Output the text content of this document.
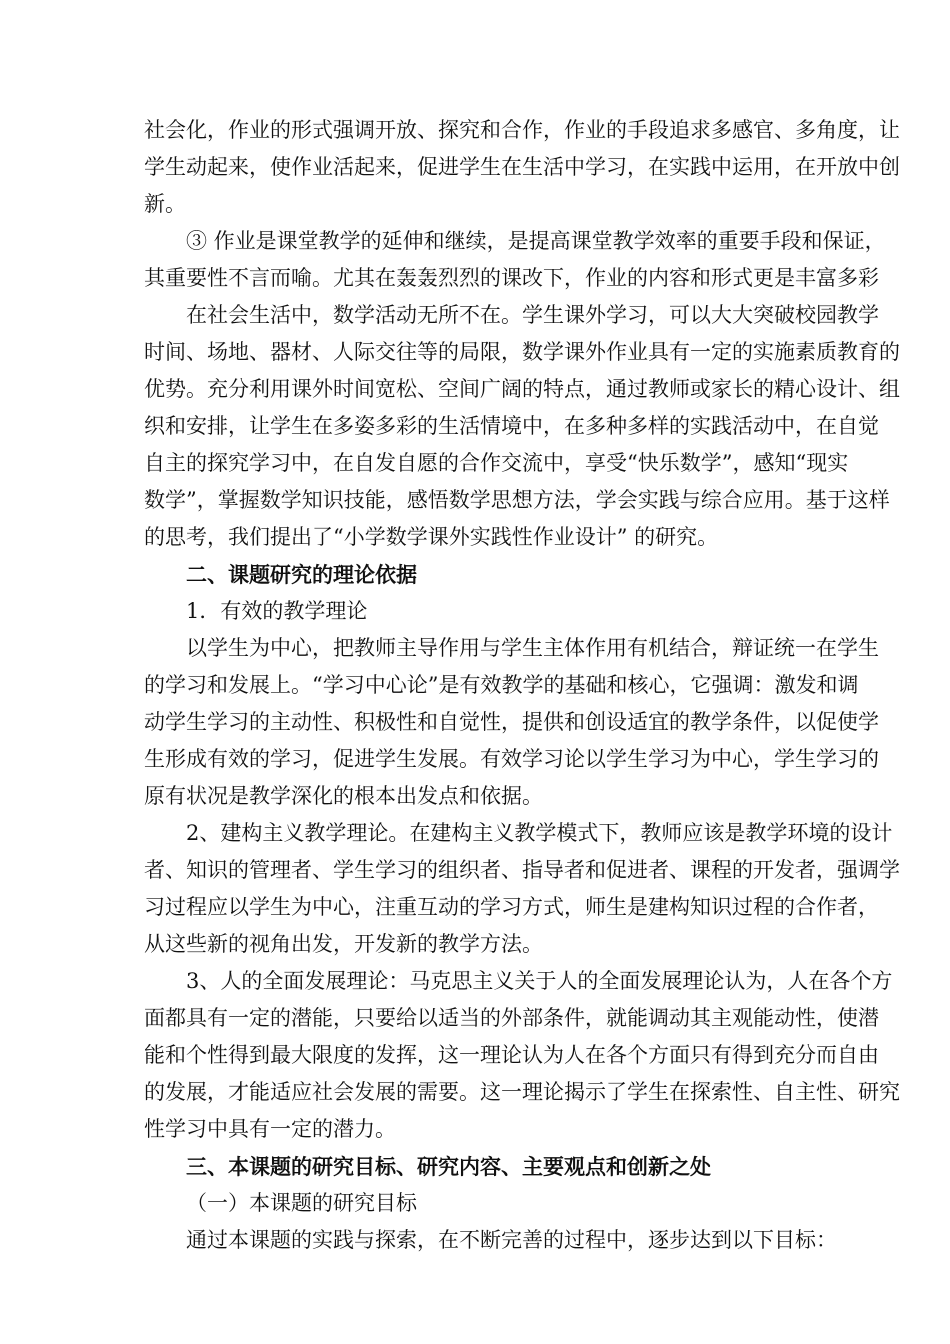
社会化，作业的形式强调开放、探究和合作，作业的手段追求多感官、多角度，让
学生动起来，使作业活起来，促进学生在生活中学习，在实践中运用，在开放中创
新。
③ 作业是课堂教学的延伸和继续，是提高课堂教学效率的重要手段和保证，
其重要性不言而喻。尤其在轰轰烈烈的课改下，作业的内容和形式更是丰富多彩
在社会生活中，数学活动无所不在。学生课外学习，可以大大突破校园教学
时间、场地、器材、人际交往等的局限，数学课外作业具有一定的实施素质教育的
优势。充分利用课外时间宽松、空间广阔的特点，通过教师或家长的精心设计、组
织和安排，让学生在多姿多彩的生活情境中，在多种多样的实践活动中，在自觉
自主的探究学习中，在自发自愿的合作交流中，享受“快乐数学”，感知“现实
数学”，掌握数学知识技能，感悟数学思想方法，学会实践与综合应用。基于这样
的思考，我们提出了“小学数学课外实践性作业设计” 的研究。
二、课题研究的理论依据
1．有效的教学理论
以学生为中心，把教师主导作用与学生主体作用有机结合，辩证统一在学生
的学习和发展上。“学习中心论”是有效教学的基础和核心，它强调：激发和调
动学生学习的主动性、积极性和自觉性，提供和创设适宜的教学条件，以促使学
生形成有效的学习，促进学生发展。有效学习论以学生学习为中心，学生学习的
原有状况是教学深化的根本出发点和依据。
2、建构主义教学理论。在建构主义教学模式下，教师应该是教学环境的设计
者、知识的管理者、学生学习的组织者、指导者和促进者、课程的开发者，强调学
习过程应以学生为中心，注重互动的学习方式，师生是建构知识过程的合作者，
从这些新的视角出发，开发新的教学方法。
3、人的全面发展理论：马克思主义关于人的全面发展理论认为，人在各个方
面都具有一定的潜能，只要给以适当的外部条件，就能调动其主观能动性，使潜
能和个性得到最大限度的发挥，这一理论认为人在各个方面只有得到充分而自由
的发展，才能适应社会发展的需要。这一理论揭示了学生在探索性、自主性、研究
性学习中具有一定的潜力。
三、本课题的研究目标、研究内容、主要观点和创新之处
（一）本课题的研究目标
通过本课题的实践与探索，在不断完善的过程中，逐步达到以下目标：
